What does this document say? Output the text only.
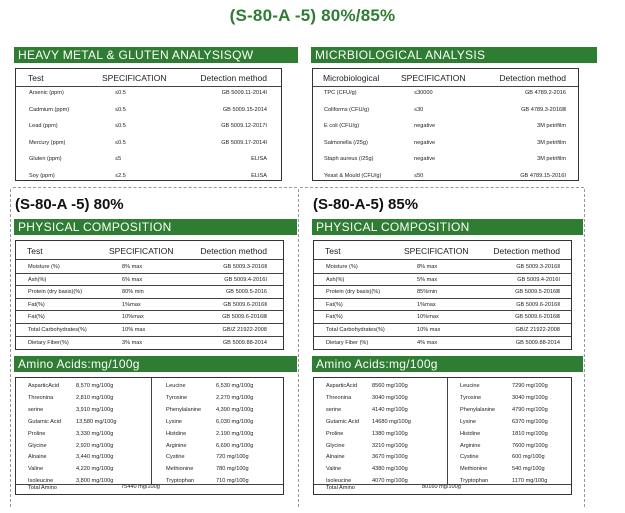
(S-80-A -5) 80%/85%
HEAVY METAL & GLUTEN ANALYSISQW
Test	SPECIFICATION	Detection method
Arsenic (ppm)	≤0.5	GB 5009.11-2014Ⅰ
Cadmium (ppm)	≤0.5	GB 5009.15-2014
Lead (ppm)	≤0.5	GB 5009.12-2017Ⅰ
Mercury (ppm)	≤0.5	GB 5009.17-2014Ⅰ
Gluten (ppm)	≤5	ELISA
Soy (ppm)	≤2.5	ELISA
MICRBIOLOGICAL ANALYSIS
Microbiological	SPECIFICATION	Detection method
TPC (CFU/g)	≤30000	GB 4789.2-2016
Coliforms (CFU/g)	≤30	GB 4789.3-2016Ⅲ
E coli (CFU/g)	negative	3M petrifilm
Salmonella (/25g)	negative	3M petrifilm
Staph aureus (/25g)	negative	3M petrifilm
Yeast & Mould (CFU/g)	≤50	GB 4789.15-2016Ⅰ
(S-80-A -5) 80%
PHYSICAL COMPOSITION
Test	SPECIFICATION	Detection method
Moisture (%)	8% max	GB 5009.3-2016Ⅱ
Ash(%)	6% max	GB 5009.4-2016Ⅰ
Protein (dry basis)(%)	80% min	GB 5009.5-2016
Fat(%)	1%max	GB 5009.6-2016Ⅱ
Fat(%)	10%max	GB 5009.6-2016Ⅲ
Total Carbohydrates(%)	10% max	GB/Z 21922-2008
Dietary Fiber(%)	3% max	GB 5009.88-2014
Amino Acids:mg/100g
AsparticAcid	8,570 mg/100g
Threonina	2,810 mg/100g
serine	3,910 mg/100g
Gutamic Acid	13,580 mg/100g
Proline	3,330 mg/100g
Glycine	2,920 mg/100g
Alnaine	3,440 mg/100g
Valine	4,220 mg/100g
Isoleucine	3,800 mg/100g
Leucine	6,530 mg/100g
Tyrosine	2,270 mg/100g
Phenylalanine	4,390 mg/100g
Lysine	6,030 mg/100g
Histdine	2,190 mg/100g
Arginine	6,690 mg/100g
Cystine	720 mg/100g
Methionine	780 mg/100g
Tryptophan	710 mg/100g
Total Amino	75440 mg/100g
(S-80-A-5) 85%
PHYSICAL COMPOSITION
Test	SPECIFICATION	Detection method
Moisture (%)	8% max	GB 5009.3-2016Ⅱ
Ash(%)	5% max	GB 5009.4-2016Ⅰ
Protein (dry basis)(%)	85%min	GB 5009.5-2016Ⅲ
Fat(%)	1%max	GB 5009.6-2016Ⅱ
Fat(%)	10%max	GB 5009.6-2016Ⅲ
Total Carbohydrates(%)	10% max	GB/Z 21922-2008
Dietary Fiber (%)	4% max	GB 5009.88-2014
Amino Acids:mg/100g
AsparticAcid	8560 mg/100g
Threonina	3040 mg/100g
serine	4140 mg/100g
Gutamic Acid 14680 mg/100g
Proline	1380 mg/100g
Glycine	3210 mg/100g
Alnaine	3670 mg/100g
Valine	4380 mg/100g
Isoleucine	4070 mg/100g
Leucine	7290 mg/100g
Tyrosine	3040 mg/100g
Phenylalanine	4790 mg/100g
Lysine	6370 mg/100g
Histdine	1810 mg/100g
Arginine	7600 mg/100g
Cystine	600 mg/100g
Methionine	540 mg/100g
Tryptophan	1170 mg/100g
Total Amino	80160 mg/100g
